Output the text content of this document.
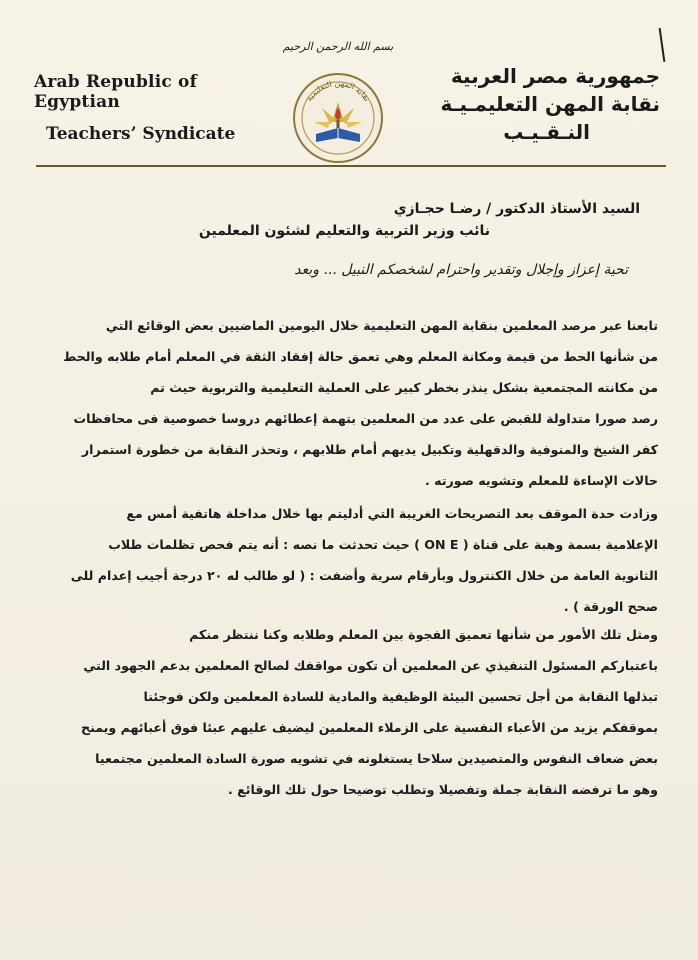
Arab Republic of Egyptian
Teachers’ Syndicate
بسم الله الرحمن الرحيم
نقابة المهن التعليمية
جمهورية مصر العربية
نقابة المهن التعليمـيـة
النـقـيـب
السيد الأستاذ الدكتور / رضـا حجـازي
نائب وزير التربية والتعليم لشئون المعلمين
تحية إعزاز وإجلال وتقدير واحترام لشخصكم النبيل ... وبعد
تابعنا عبر مرصد المعلمين بنقابة المهن التعليمية خلال اليومين الماضيين بعض الوقائع التي
من شأنها الحط من قيمة ومكانة المعلم وهي تعمق حالة إفقاد الثقة في المعلم أمام طلابه والحط
من مكانته المجتمعية بشكل ينذر بخطر كبير على العملية التعليمية والتربوية حيث تم
رصد صورا متداولة للقبض على عدد من المعلمين بتهمة إعطائهم دروسا خصوصية فى محافظات
كفر الشيخ والمنوفية والدقهلية وتكبيل يديهم أمام طلابهم ، وتحذر النقابة من خطورة استمرار
حالات الإساءة للمعلم وتشويه صورته .
وزادت حدة الموقف بعد التصريحات الغريبة التي أدليتم بها خلال مداخلة هاتفية أمس مع
الإعلامية بسمة وهبة على قناة ( ON E ) حيث تحدثت ما نصه : أنه يتم فحص تظلمات طلاب
الثانوية العامة من خلال الكنترول وبأرقام سرية وأضفت : ( لو طالب له ٢٠ درجة أجيب إعدام للى
صحح الورقة ) .
ومثل تلك الأمور من شأنها تعميق الفجوة بين المعلم وطلابه وكنا ننتظر منكم
باعتباركم المسئول التنفيذي عن المعلمين أن تكون مواقفك لصالح المعلمين بدعم الجهود التي
تبذلها النقابة من أجل تحسين البيئة الوظيفية والمادية للسادة المعلمين ولكن فوجئنا
بموقفكم يزيد من الأعباء النفسية على الزملاء المعلمين ليضيف عليهم عبئا فوق أعبائهم ويمنح
بعض ضعاف النفوس والمتصيدين سلاحا يستغلونه في تشويه صورة السادة المعلمين مجتمعيا
وهو ما ترفضه النقابة جملة وتفصيلا وتطلب توضيحا حول تلك الوقائع .
